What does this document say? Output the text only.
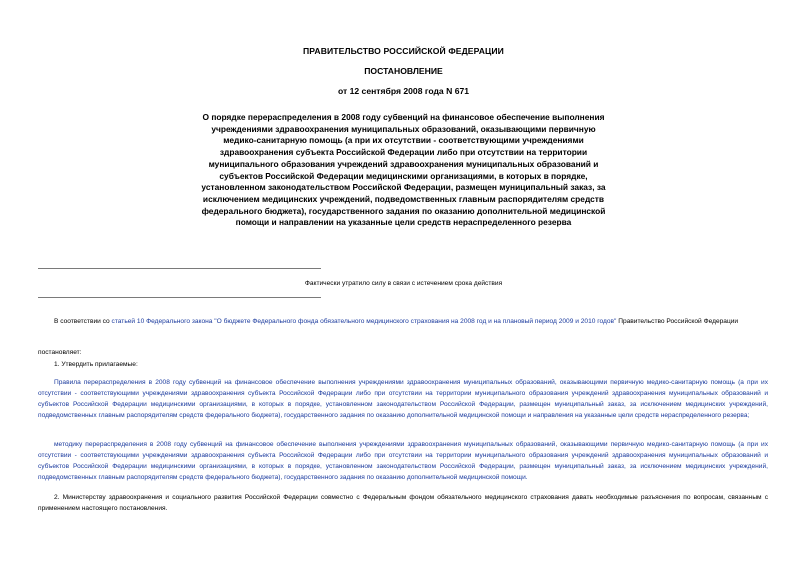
ПРАВИТЕЛЬСТВО РОССИЙСКОЙ ФЕДЕРАЦИИ
ПОСТАНОВЛЕНИЕ
от 12 сентября 2008 года N 671
О порядке перераспределения в 2008 году субвенций на финансовое обеспечение выполнения учреждениями здравоохранения муниципальных образований, оказывающими первичную медико-санитарную помощь (а при их отсутствии - соответствующими учреждениями здравоохранения субъекта Российской Федерации либо при отсутствии на территории муниципального образования учреждений здравоохранения муниципальных образований и субъектов Российской Федерации медицинскими организациями, в которых в порядке, установленном законодательством Российской Федерации, размещен муниципальный заказ, за исключением медицинских учреждений, подведомственных главным распорядителям средств федерального бюджета), государственного задания по оказанию дополнительной медицинской помощи и направлении на указанные цели средств нераспределенного резерва
Фактически утратило силу в связи с истечением срока действия
В соответствии со статьей 10 Федерального закона "О бюджете Федерального фонда обязательного медицинского страхования на 2008 год и на плановый период 2009 и 2010 годов" Правительство Российской Федерации
постановляет:
1. Утвердить прилагаемые:
Правила перераспределения в 2008 году субвенций на финансовое обеспечение выполнения учреждениями здравоохранения муниципальных образований, оказывающими первичную медико-санитарную помощь (а при их отсутствии - соответствующими учреждениями здравоохранения субъекта Российской Федерации либо при отсутствии на территории муниципального образования учреждений здравоохранения муниципальных образований и субъектов Российской Федерации медицинскими организациями, в которых в порядке, установленном законодательством Российской Федерации, размещен муниципальный заказ, за исключением медицинских учреждений, подведомственных главным распорядителям средств федерального бюджета), государственного задания по оказанию дополнительной медицинской помощи и направления на указанные цели средств нераспределенного резерва;
методику перераспределения в 2008 году субвенций на финансовое обеспечение выполнения учреждениями здравоохранения муниципальных образований, оказывающими первичную медико-санитарную помощь (а при их отсутствии - соответствующими учреждениями здравоохранения субъекта Российской Федерации либо при отсутствии на территории муниципального образования учреждений здравоохранения муниципальных образований и субъектов Российской Федерации медицинскими организациями, в которых в порядке, установленном законодательством Российской Федерации, размещен муниципальный заказ, за исключением медицинских учреждений, подведомственных главным распорядителям средств федерального бюджета), государственного задания по оказанию дополнительной медицинской помощи.
2. Министерству здравоохранения и социального развития Российской Федерации совместно с Федеральным фондом обязательного медицинского страхования давать необходимые разъяснения по вопросам, связанным с применением настоящего постановления.
